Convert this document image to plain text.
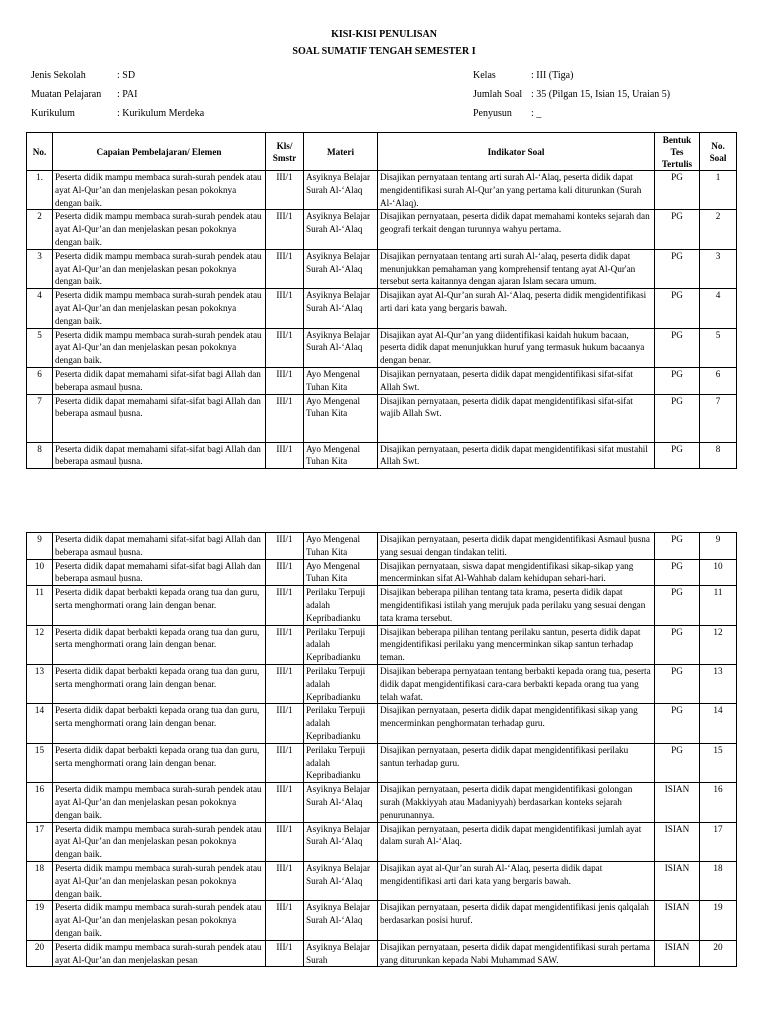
KISI-KISI PENULISAN
SOAL SUMATIF TENGAH SEMESTER I
Jenis Sekolah	: SD
Muatan Pelajaran	: PAI
Kurikulum	: Kurikulum Merdeka
Kelas	: III (Tiga)
Jumlah Soal : 35 (Pilgan 15, Isian 15, Uraian 5)
Penyusun	: _
No.	Capaian Pembelajaran/ Elemen	Kls/ Smstr	Materi	Indikator Soal	Bentuk Tes Tertulis	No. Soal
1.	Peserta didik mampu membaca surah-surah pendek atau ayat Al-Qur’an dan menjelaskan pesan pokoknya dengan baik.	III/1	Asyiknya Belajar Surah Al-‘Alaq	Disajikan pernyataan tentang arti surah Al-‘Alaq, peserta didik dapat mengidentifikasi surah Al-Qur’an yang pertama kali diturunkan (Surah Al-‘Alaq).	PG	1
2	Peserta didik mampu membaca surah-surah pendek atau ayat Al-Qur’an dan menjelaskan pesan pokoknya dengan baik.	III/1	Asyiknya Belajar Surah Al-‘Alaq	Disajikan pernyataan, peserta didik dapat memahami konteks sejarah dan geografi terkait dengan turunnya wahyu pertama.	PG	2
3	Peserta didik mampu membaca surah-surah pendek atau ayat Al-Qur’an dan menjelaskan pesan pokoknya dengan baik.	III/1	Asyiknya Belajar Surah Al-‘Alaq	Disajikan pernyataan tentang arti surah Al-‘alaq, peserta didik dapat menunjukkan pemahaman yang komprehensif tentang ayat Al-Qur'an tersebut serta kaitannya dengan ajaran Islam secara umum.	PG	3
4	Peserta didik mampu membaca surah-surah pendek atau ayat Al-Qur’an dan menjelaskan pesan pokoknya dengan baik.	III/1	Asyiknya Belajar Surah Al-‘Alaq	Disajikan ayat Al-Qur’an surah Al-‘Alaq, peserta didik mengidentifikasi arti dari kata yang bergaris bawah.	PG	4
5	Peserta didik mampu membaca surah-surah pendek atau ayat Al-Qur’an dan menjelaskan pesan pokoknya dengan baik.	III/1	Asyiknya Belajar Surah Al-‘Alaq	Disajikan ayat Al-Qur’an yang diidentifikasi kaidah hukum bacaan, peserta didik dapat menunjukkan huruf yang termasuk hukum bacaanya dengan benar.	PG	5
6	Peserta didik dapat memahami sifat-sifat bagi Allah dan beberapa asmaul ḥusna.	III/1	Ayo Mengenal Tuhan Kita	Disajikan pernyataan, peserta didik dapat mengidentifikasi sifat-sifat Allah Swt.	PG	6
7	Peserta didik dapat memahami sifat-sifat bagi Allah dan beberapa asmaul ḥusna.	III/1	Ayo Mengenal Tuhan Kita	Disajikan pernyataan, peserta didik dapat mengidentifikasi sifat-sifat wajib Allah Swt.	PG	7
8	Peserta didik dapat memahami sifat-sifat bagi Allah dan beberapa asmaul ḥusna.	III/1	Ayo Mengenal Tuhan Kita	Disajikan pernyataan, peserta didik dapat mengidentifikasi sifat mustahil Allah Swt.	PG	8
9	Peserta didik dapat memahami sifat-sifat bagi Allah dan beberapa asmaul ḥusna.	III/1	Ayo Mengenal Tuhan Kita	Disajikan pernyataan, peserta didik dapat mengidentifikasi Asmaul ḥusna yang sesuai dengan tindakan teliti.	PG	9
10	Peserta didik dapat memahami sifat-sifat bagi Allah dan beberapa asmaul ḥusna.	III/1	Ayo Mengenal Tuhan Kita	Disajikan pernyataan, siswa dapat mengidentifikasi sikap-sikap yang mencerminkan sifat Al-Wahhab dalam kehidupan sehari-hari.	PG	10
11	Peserta didik dapat berbakti kepada orang tua dan guru, serta menghormati orang lain dengan benar.	III/1	Perilaku Terpuji adalah Kepribadianku	Disajikan beberapa pilihan tentang tata krama, peserta didik dapat mengidentifikasi istilah yang merujuk pada perilaku yang sesuai dengan tata krama tersebut.	PG	11
12	Peserta didik dapat berbakti kepada orang tua dan guru, serta menghormati orang lain dengan benar.	III/1	Perilaku Terpuji adalah Kepribadianku	Disajikan beberapa pilihan tentang perilaku santun, peserta didik dapat mengidentifikasi perilaku yang mencerminkan sikap santun terhadap teman.	PG	12
13	Peserta didik dapat berbakti kepada orang tua dan guru, serta menghormati orang lain dengan benar.	III/1	Perilaku Terpuji adalah Kepribadianku	Disajikan beberapa pernyataan tentang berbakti kepada orang tua, peserta didik dapat mengidentifikasi cara-cara berbakti kepada orang tua yang telah wafat.	PG	13
14	Peserta didik dapat berbakti kepada orang tua dan guru, serta menghormati orang lain dengan benar.	III/1	Perilaku Terpuji adalah Kepribadianku	Disajikan pernyataan, peserta didik dapat mengidentifikasi sikap yang mencerminkan penghormatan terhadap guru.	PG	14
15	Peserta didik dapat berbakti kepada orang tua dan guru, serta menghormati orang lain dengan benar.	III/1	Perilaku Terpuji adalah Kepribadianku	Disajikan pernyataan, peserta didik dapat mengidentifikasi perilaku santun terhadap guru.	PG	15
16	Peserta didik mampu membaca surah-surah pendek atau ayat Al-Qur’an dan menjelaskan pesan pokoknya dengan baik.	III/1	Asyiknya Belajar Surah Al-‘Alaq	Disajikan pernyataan, peserta didik dapat mengidentifikasi golongan surah (Makkiyyah atau Madaniyyah) berdasarkan konteks sejarah penurunannya.	ISIAN	16
17	Peserta didik mampu membaca surah-surah pendek atau ayat Al-Qur’an dan menjelaskan pesan pokoknya dengan baik.	III/1	Asyiknya Belajar Surah Al-‘Alaq	Disajikan pernyataan, peserta didik dapat mengidentifikasi jumlah ayat dalam surah Al-‘Alaq.	ISIAN	17
18	Peserta didik mampu membaca surah-surah pendek atau ayat Al-Qur’an dan menjelaskan pesan pokoknya dengan baik.	III/1	Asyiknya Belajar Surah Al-‘Alaq	Disajikan ayat al-Qur’an surah Al-‘Alaq, peserta didik dapat mengidentifikasi arti dari kata yang bergaris bawah.	ISIAN	18
19	Peserta didik mampu membaca surah-surah pendek atau ayat Al-Qur’an dan menjelaskan pesan pokoknya dengan baik.	III/1	Asyiknya Belajar Surah Al-‘Alaq	Disajikan pernyataan, peserta didik dapat mengidentifikasi jenis qalqalah berdasarkan posisi huruf.	ISIAN	19
20	Peserta didik mampu membaca surah-surah pendek atau ayat Al-Qur’an dan menjelaskan pesan	III/1	Asyiknya Belajar Surah	Disajikan pernyataan, peserta didik dapat mengidentifikasi surah pertama yang diturunkan kepada Nabi Muhammad SAW.	ISIAN	20
